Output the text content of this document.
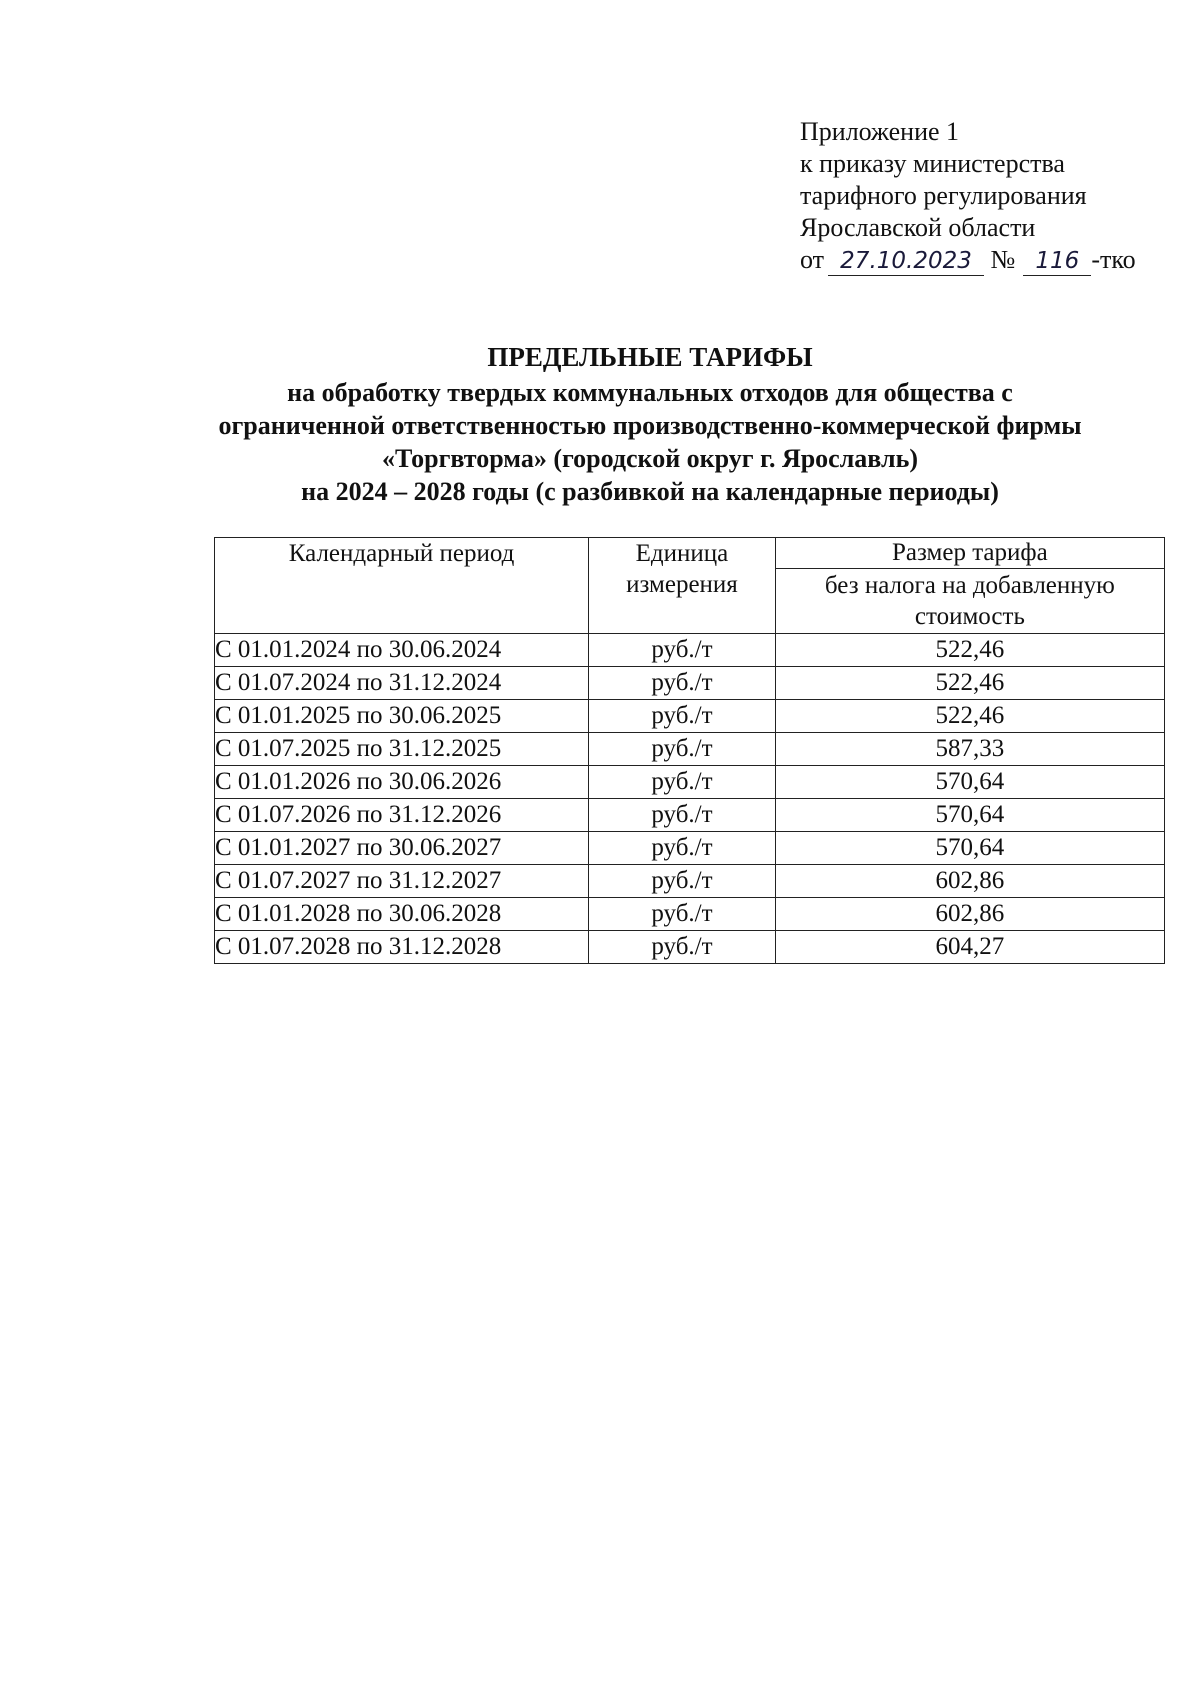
Приложение 1
к приказу министерства
тарифного регулирования
Ярославской области
от 27.10.2023 № 116 -тко
ПРЕДЕЛЬНЫЕ ТАРИФЫ
на обработку твердых коммунальных отходов для общества с
ограниченной ответственностью производственно-коммерческой фирмы
«Торгвторма» (городской округ г. Ярославль)
на 2024 – 2028 годы (с разбивкой на календарные периоды)
Календарный период	Единица измерения	Размер тарифа
		без налога на добавленную стоимость
С 01.01.2024 по 30.06.2024	руб./т	522,46
С 01.07.2024 по 31.12.2024	руб./т	522,46
С 01.01.2025 по 30.06.2025	руб./т	522,46
С 01.07.2025 по 31.12.2025	руб./т	587,33
С 01.01.2026 по 30.06.2026	руб./т	570,64
С 01.07.2026 по 31.12.2026	руб./т	570,64
С 01.01.2027 по 30.06.2027	руб./т	570,64
С 01.07.2027 по 31.12.2027	руб./т	602,86
С 01.01.2028 по 30.06.2028	руб./т	602,86
С 01.07.2028 по 31.12.2028	руб./т	604,27
